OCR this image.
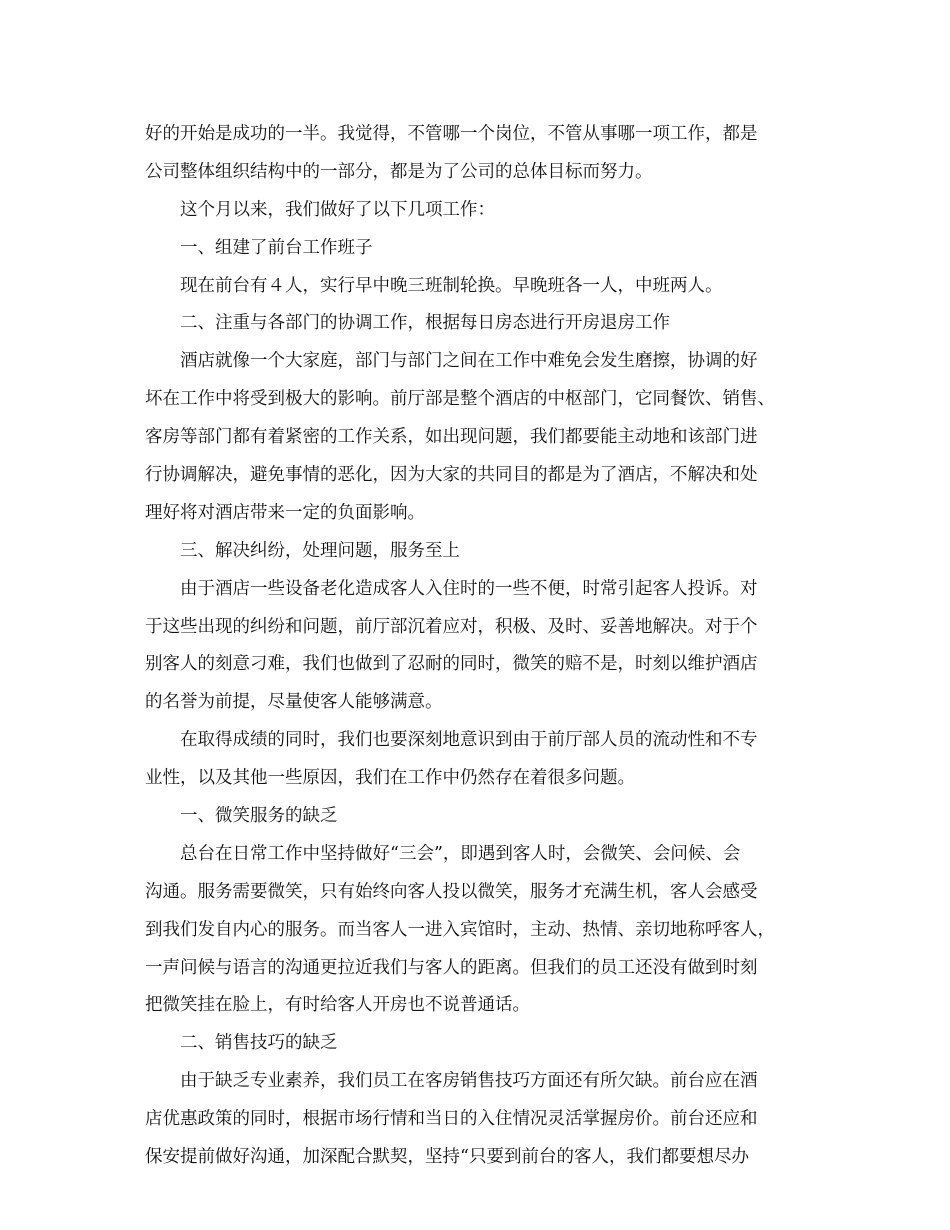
好的开始是成功的一半。我觉得，不管哪一个岗位，不管从事哪一项工作，都是
公司整体组织结构中的一部分，都是为了公司的总体目标而努力。
这个月以来，我们做好了以下几项工作：
一、组建了前台工作班子
现在前台有４人，实行早中晚三班制轮换。早晚班各一人，中班两人。
二、注重与各部门的协调工作，根据每日房态进行开房退房工作
酒店就像一个大家庭，部门与部门之间在工作中难免会发生磨擦，协调的好
坏在工作中将受到极大的影响。前厅部是整个酒店的中枢部门，它同餐饮、销售、
客房等部门都有着紧密的工作关系，如出现问题，我们都要能主动地和该部门进
行协调解决，避免事情的恶化，因为大家的共同目的都是为了酒店，不解决和处
理好将对酒店带来一定的负面影响。
三、解决纠纷，处理问题，服务至上
由于酒店一些设备老化造成客人入住时的一些不便，时常引起客人投诉。对
于这些出现的纠纷和问题，前厅部沉着应对，积极、及时、妥善地解决。对于个
别客人的刻意刁难，我们也做到了忍耐的同时，微笑的赔不是，时刻以维护酒店
的名誉为前提，尽量使客人能够满意。
在取得成绩的同时，我们也要深刻地意识到由于前厅部人员的流动性和不专
业性，以及其他一些原因，我们在工作中仍然存在着很多问题。
一、微笑服务的缺乏
总台在日常工作中坚持做好“三会”，即遇到客人时，会微笑、会问候、会
沟通。服务需要微笑，只有始终向客人投以微笑，服务才充满生机，客人会感受
到我们发自内心的服务。而当客人一进入宾馆时，主动、热情、亲切地称呼客人，
一声问候与语言的沟通更拉近我们与客人的距离。但我们的员工还没有做到时刻
把微笑挂在脸上，有时给客人开房也不说普通话。
二、销售技巧的缺乏
由于缺乏专业素养，我们员工在客房销售技巧方面还有所欠缺。前台应在酒
店优惠政策的同时，根据市场行情和当日的入住情况灵活掌握房价。前台还应和
保安提前做好沟通，加深配合默契，坚持“只要到前台的客人，我们都要想尽办
